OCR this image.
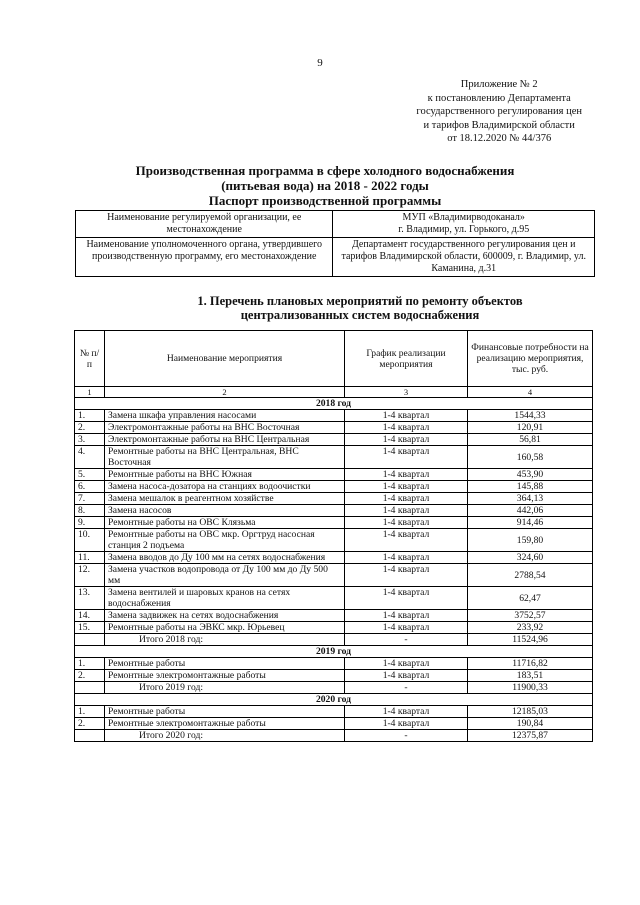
9
Приложение № 2
к постановлению Департамента
государственного регулирования цен
и тарифов Владимирской области
от 18.12.2020 № 44/376
Производственная программа в сфере холодного водоснабжения
(питьевая вода) на 2018 - 2022 годы
Паспорт производственной программы
Наименование регулируемой организации, ее местонахождение	МУП «Владимирводоканал»
г. Владимир, ул. Горького, д.95

Наименование уполномоченного органа, утвердившего производственную программу, его местонахождение	Департамент государственного регулирования цен и тарифов Владимирской области, 600009, г. Владимир, ул. Каманина, д.31
1. Перечень плановых мероприятий по ремонту объектов
централизованных систем водоснабжения
№ п/п	Наименование мероприятия	График реализации мероприятия	Финансовые потребности на реализацию мероприятия, тыс. руб.
1	2	3	4
2018 год			
1.	Замена шкафа управления насосами	1-4 квартал	1544,33
2.	Электромонтажные работы на ВНС Восточная	1-4 квартал	120,91
3.	Электромонтажные работы на ВНС Центральная	1-4 квартал	56,81
4.	Ремонтные работы на ВНС Центральная, ВНС Восточная	1-4 квартал	160,58
5.	Ремонтные работы на ВНС Южная	1-4 квартал	453,90
6.	Замена насоса-дозатора на станциях водоочистки	1-4 квартал	145,88
7.	Замена мешалок в реагентном хозяйстве	1-4 квартал	364,13
8.	Замена насосов	1-4 квартал	442,06
9.	Ремонтные работы на ОВС Клязьма	1-4 квартал	914,46
10.	Ремонтные работы на ОВС мкр. Оргтруд насосная станция 2 подъема	1-4 квартал	159,80
11.	Замена вводов до Ду 100 мм на сетях водоснабжения	1-4 квартал	324,60
12.	Замена участков водопровода от Ду 100 мм до Ду 500 мм	1-4 квартал	2788,54
13.	Замена вентилей и шаровых кранов на сетях водоснабжения	1-4 квартал	62,47
14.	Замена задвижек на сетях водоснабжения	1-4 квартал	3752,57
15.	Ремонтные работы на ЭВКС мкр. Юрьевец	1-4 квартал	233,92
	Итого 2018 год:	-	11524,96
2019 год			
1.	Ремонтные работы	1-4 квартал	11716,82
2.	Ремонтные электромонтажные работы	1-4 квартал	183,51
	Итого 2019 год:	-	11900,33
2020 год			
1.	Ремонтные работы	1-4 квартал	12185,03
2.	Ремонтные электромонтажные работы	1-4 квартал	190,84
	Итого 2020 год:	-	12375,87
